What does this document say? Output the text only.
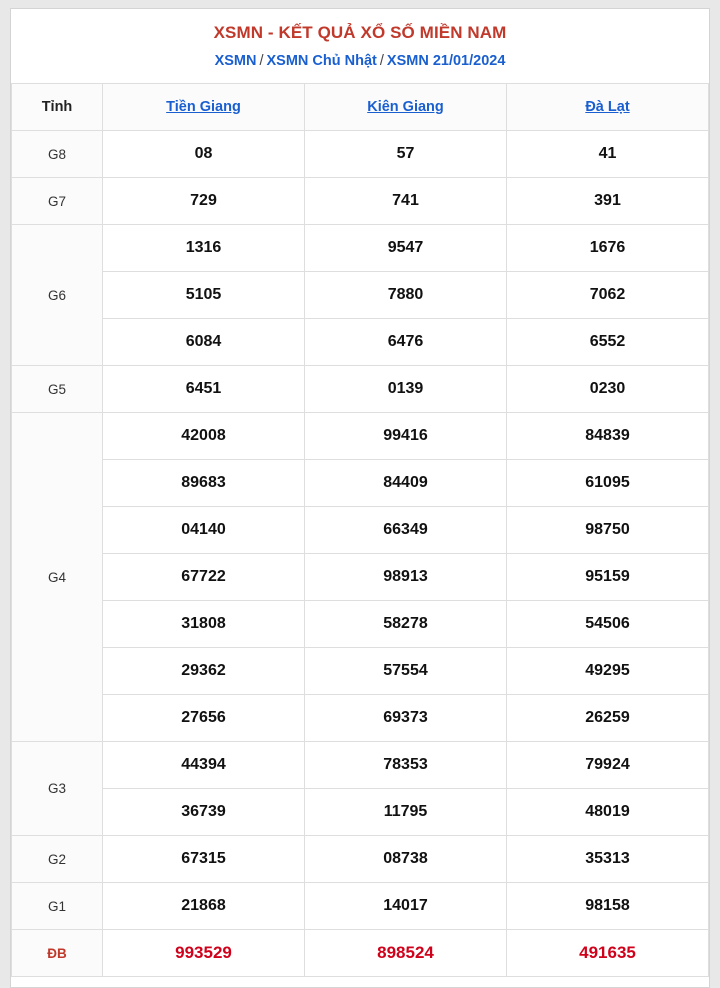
XSMN - KẾT QUẢ XỔ SỐ MIỀN NAM
XSMN / XSMN Chủ Nhật / XSMN 21/01/2024
Tỉnh	Tiền Giang	Kiên Giang	Đà Lạt
G8	08	57	41
G7	729	741	391
G6	1316	9547	1676
	5105	7880	7062
	6084	6476	6552
G5	6451	0139	0230
G4	42008	99416	84839
	89683	84409	61095
	04140	66349	98750
	67722	98913	95159
	31808	58278	54506
	29362	57554	49295
	27656	69373	26259
G3	44394	78353	79924
	36739	11795	48019
G2	67315	08738	35313
G1	21868	14017	98158
ĐB	993529	898524	491635
